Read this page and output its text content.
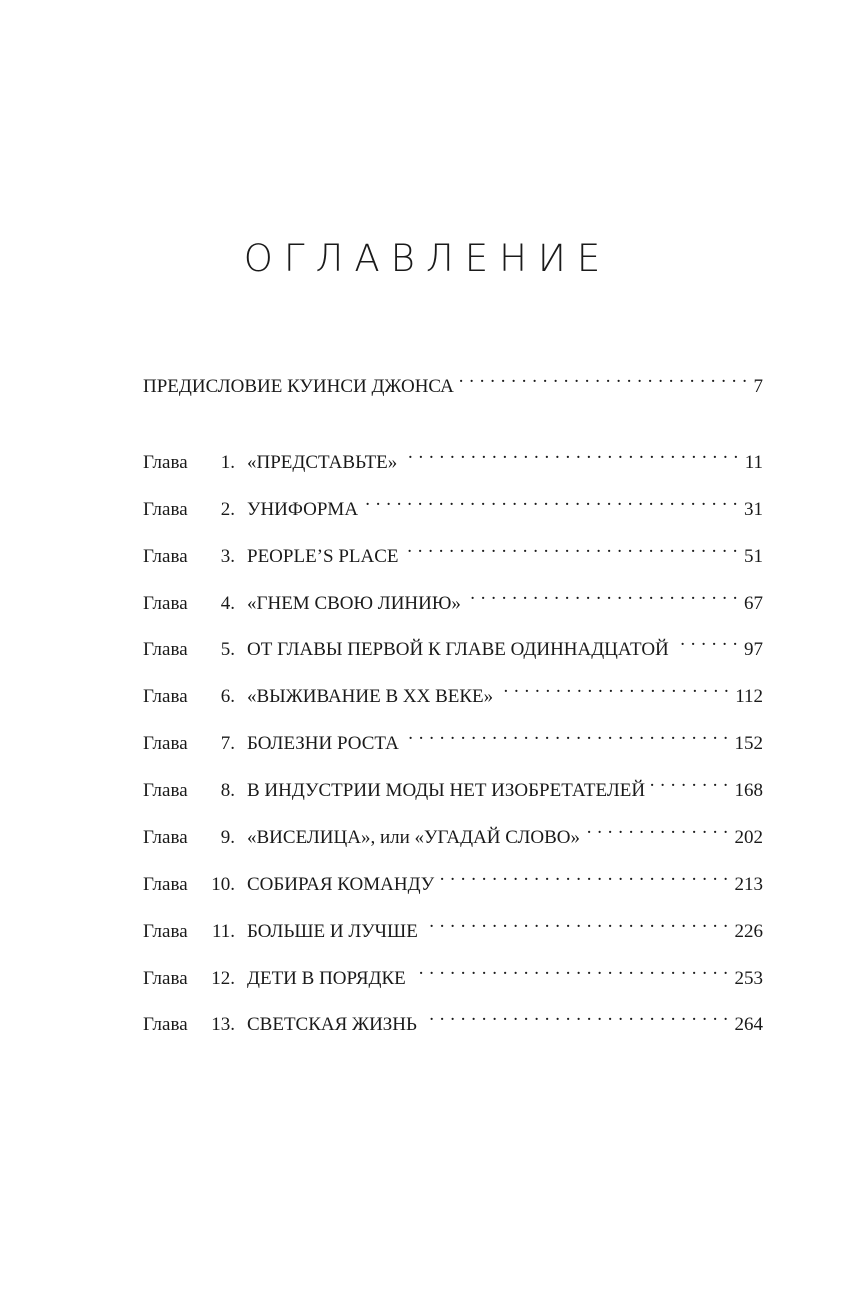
ОГЛАВЛЕНИЕ
ПРЕДИСЛОВИЕ КУИНСИ ДЖОНСА . . .	7
Глава	1. «ПРЕДСТАВЬТЕ» . . .	11
Глава	2. УНИФОРМА . . .	31
Глава	3. PEOPLE’S PLACE . . .	51
Глава	4. «ГНЕМ СВОЮ ЛИНИЮ» . . .	67
Глава	5. ОТ ГЛАВЫ ПЕРВОЙ К ГЛАВЕ ОДИННАДЦАТОЙ . . .	97
Глава	6. «ВЫЖИВАНИЕ В XX ВЕКЕ» . . .	112
Глава	7. БОЛЕЗНИ РОСТА . . .	152
Глава	8. В ИНДУСТРИИ МОДЫ НЕТ ИЗОБРЕТАТЕЛЕЙ . . .	168
Глава	9. «ВИСЕЛИЦА», или «УГАДАЙ СЛОВО» . . .	202
Глава	10. СОБИРАЯ КОМАНДУ . . .	213
Глава	11. БОЛЬШЕ И ЛУЧШЕ . . .	226
Глава	12. ДЕТИ В ПОРЯДКЕ . . .	253
Глава	13. СВЕТСКАЯ ЖИЗНЬ . . .	264
